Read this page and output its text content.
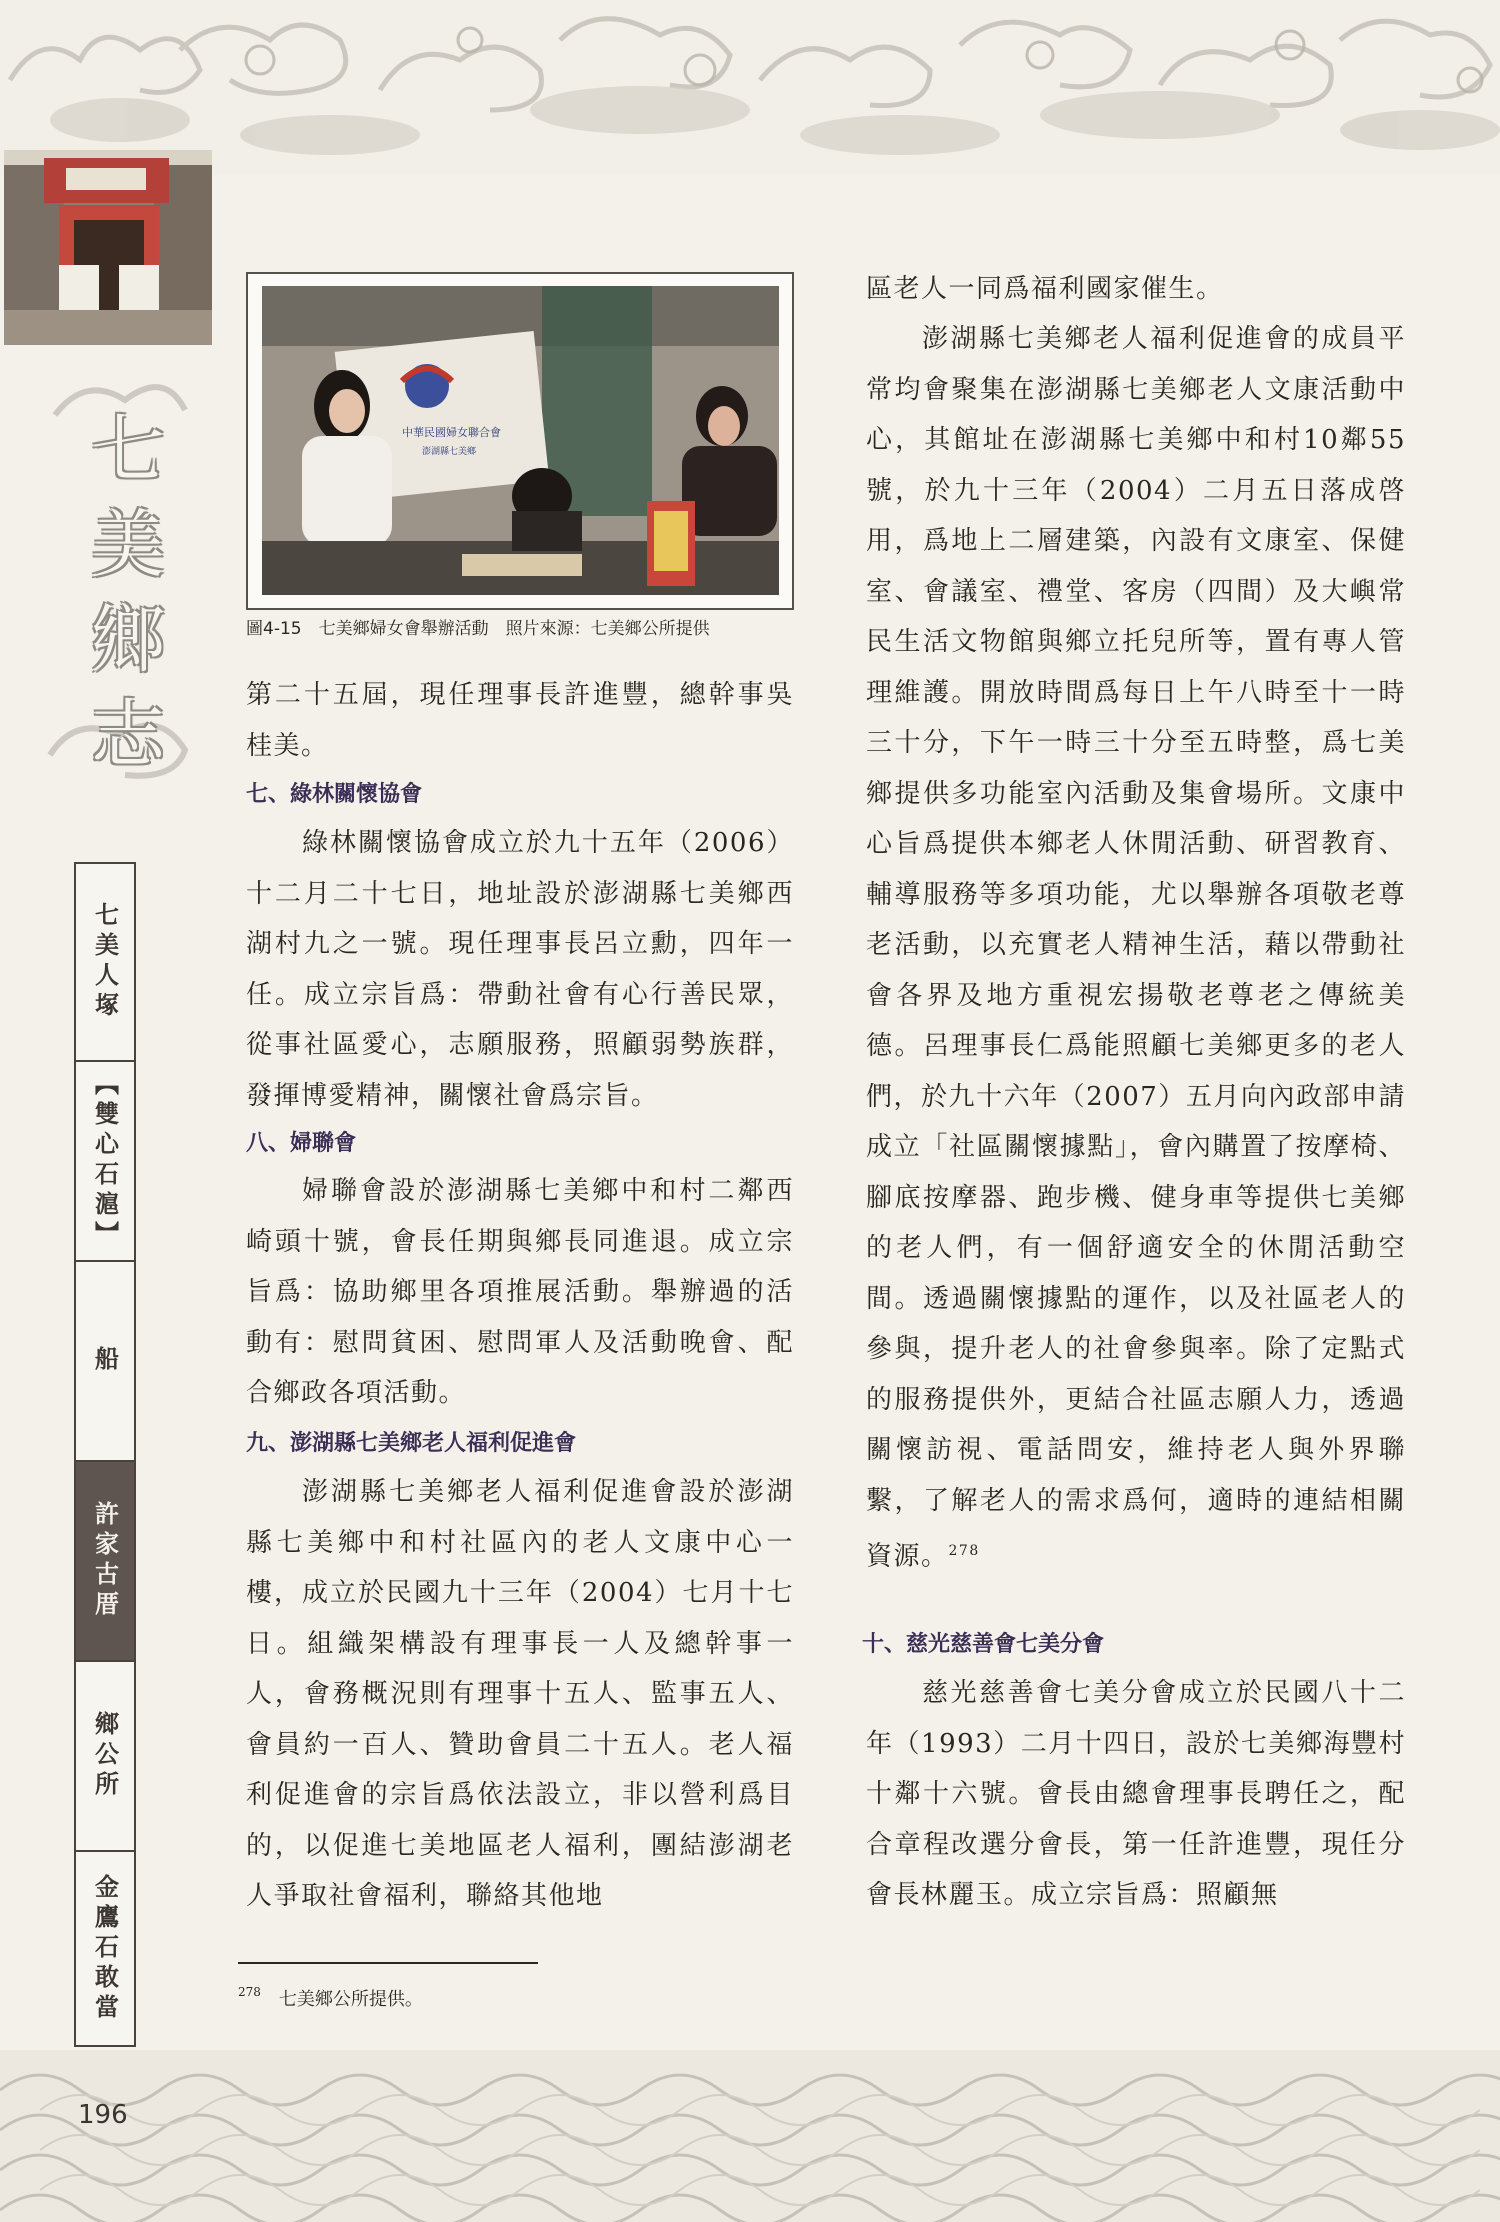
七
美
鄉
志
七美人塚
【雙心石滬】
船
許家古厝
鄉公所
金鷹石敢當
中華民國婦女聯合會
澎湖縣七美鄉
圖4-15　七美鄉婦女會舉辦活動　照片來源：七美鄉公所提供

第二十五屆，現任理事長許進豐，總幹事吳桂美。

七、綠林關懷協會

綠林關懷協會成立於九十五年（2006）十二月二十七日，地址設於澎湖縣七美鄉西湖村九之一號。現任理事長呂立勳，四年一任。成立宗旨爲：帶動社會有心行善民眾，從事社區愛心，志願服務，照顧弱勢族群，發揮博愛精神，關懷社會爲宗旨。

八、婦聯會

婦聯會設於澎湖縣七美鄉中和村二鄰西崎頭十號，會長任期與鄉長同進退。成立宗旨爲：協助鄉里各項推展活動。舉辦過的活動有：慰問貧困、慰問軍人及活動晚會、配合鄉政各項活動。

九、澎湖縣七美鄉老人福利促進會

澎湖縣七美鄉老人福利促進會設於澎湖縣七美鄉中和村社區內的老人文康中心一樓，成立於民國九十三年（2004）七月十七日。組織架構設有理事長一人及總幹事一人，會務概況則有理事十五人、監事五人、會員約一百人、贊助會員二十五人。老人福利促進會的宗旨爲依法設立，非以營利爲目的，以促進七美地區老人福利，團結澎湖老人爭取社會福利，聯絡其他地

區老人一同爲福利國家催生。

澎湖縣七美鄉老人福利促進會的成員平常均會聚集在澎湖縣七美鄉老人文康活動中心，其館址在澎湖縣七美鄉中和村10鄰55號，於九十三年（2004）二月五日落成啓用，爲地上二層建築，內設有文康室、保健室、會議室、禮堂、客房（四間）及大嶼常民生活文物館與鄉立托兒所等，置有專人管理維護。開放時間爲每日上午八時至十一時三十分，下午一時三十分至五時整，爲七美鄉提供多功能室內活動及集會場所。文康中心旨爲提供本鄉老人休閒活動、研習教育、輔導服務等多項功能，尤以舉辦各項敬老尊老活動，以充實老人精神生活，藉以帶動社會各界及地方重視宏揚敬老尊老之傳統美德。呂理事長仁爲能照顧七美鄉更多的老人們，於九十六年（2007）五月向內政部申請成立「社區關懷據點」，會內購置了按摩椅、腳底按摩器、跑步機、健身車等提供七美鄉的老人們，有一個舒適安全的休閒活動空間。透過關懷據點的運作，以及社區老人的參與，提升老人的社會參與率。除了定點式的服務提供外，更結合社區志願人力，透過關懷訪視、電話問安，維持老人與外界聯繫，了解老人的需求爲何，適時的連結相關資源。$^{278}$

十、慈光慈善會七美分會

慈光慈善會七美分會成立於民國八十二年（1993）二月十四日，設於七美鄉海豐村十鄰十六號。會長由總會理事長聘任之，配合章程改選分會長，第一任許進豐，現任分會長林麗玉。成立宗旨爲：照顧無

$^{278}$ 七美鄉公所提供。
196
